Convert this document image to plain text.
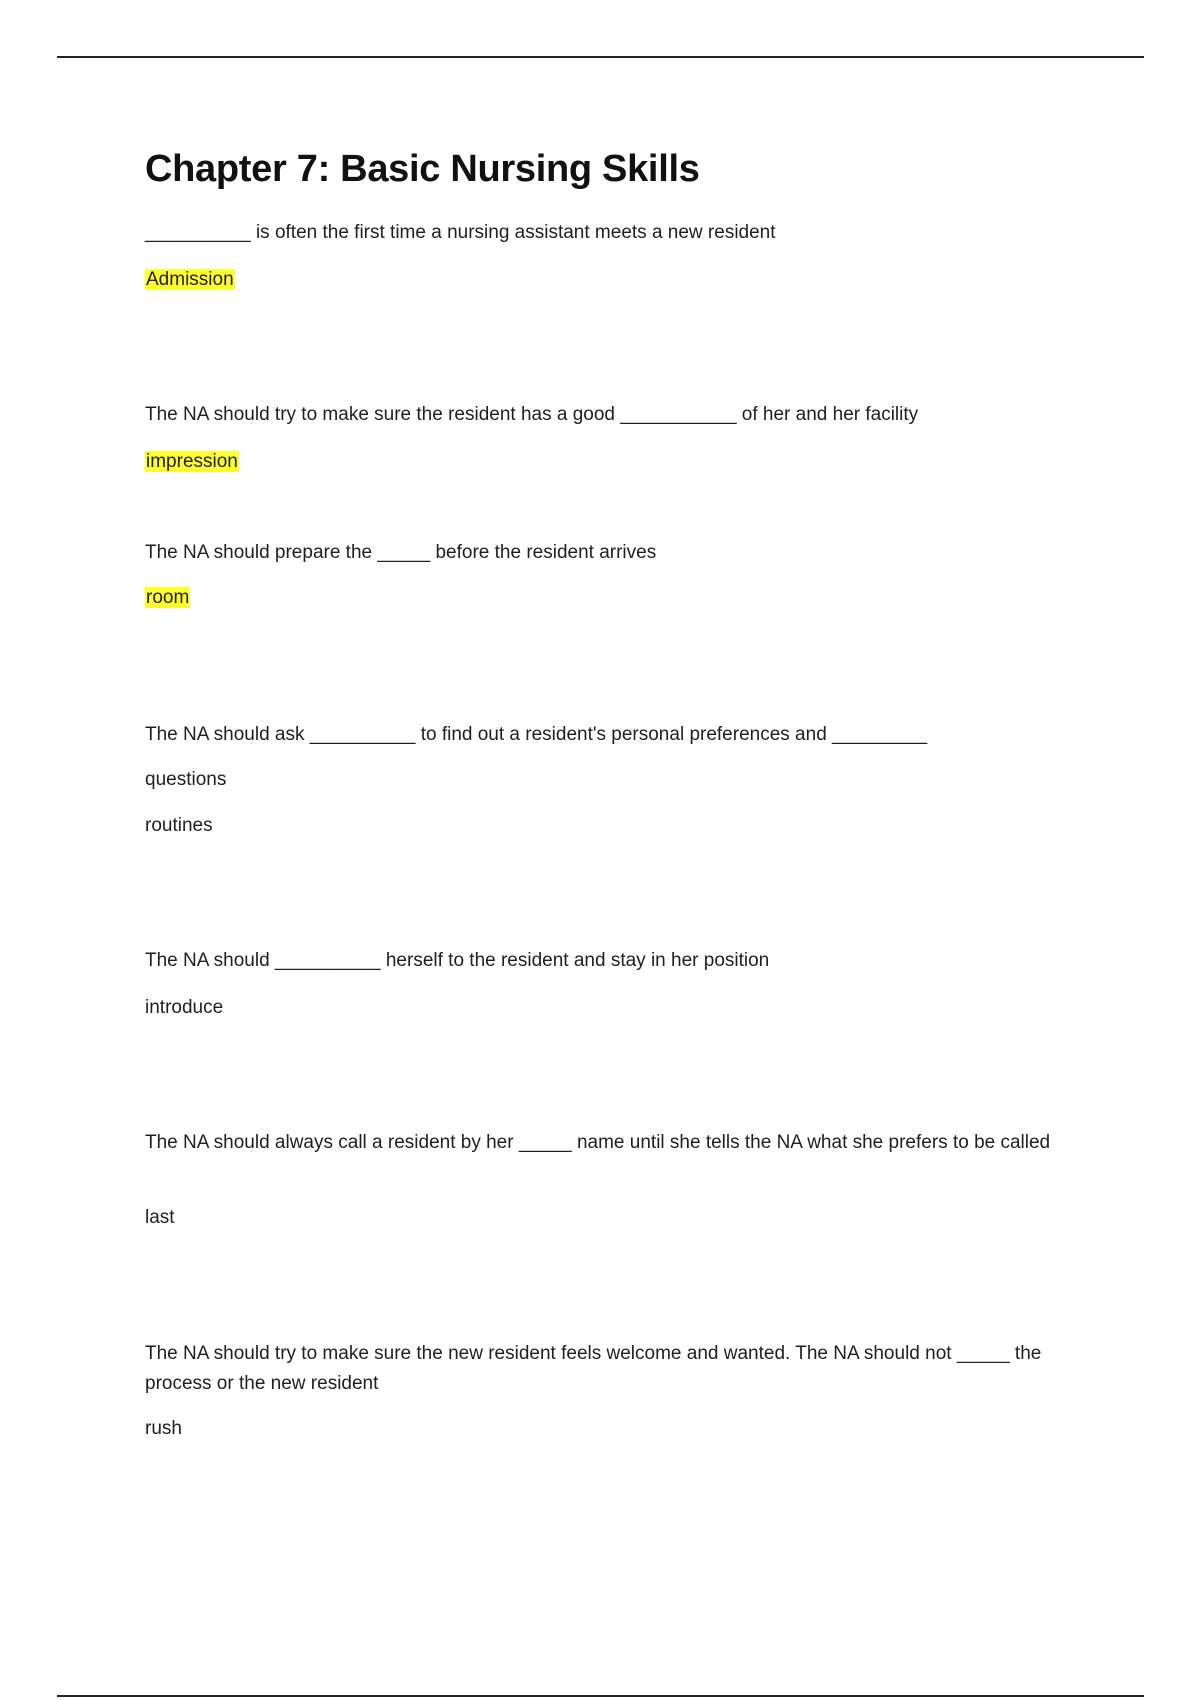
Chapter 7: Basic Nursing Skills
__________ is often the first time a nursing assistant meets a new resident
Admission
The NA should try to make sure the resident has a good ___________ of her and her facility
impression
The NA should prepare the _____ before the resident arrives
room
The NA should ask __________ to find out a resident's personal preferences and _________
questions
routines
The NA should __________ herself to the resident and stay in her position
introduce
The NA should always call a resident by her _____ name until she tells the NA what she prefers to be called
last
The NA should try to make sure the new resident feels welcome and wanted. The NA should not _____ the process or the new resident
rush
